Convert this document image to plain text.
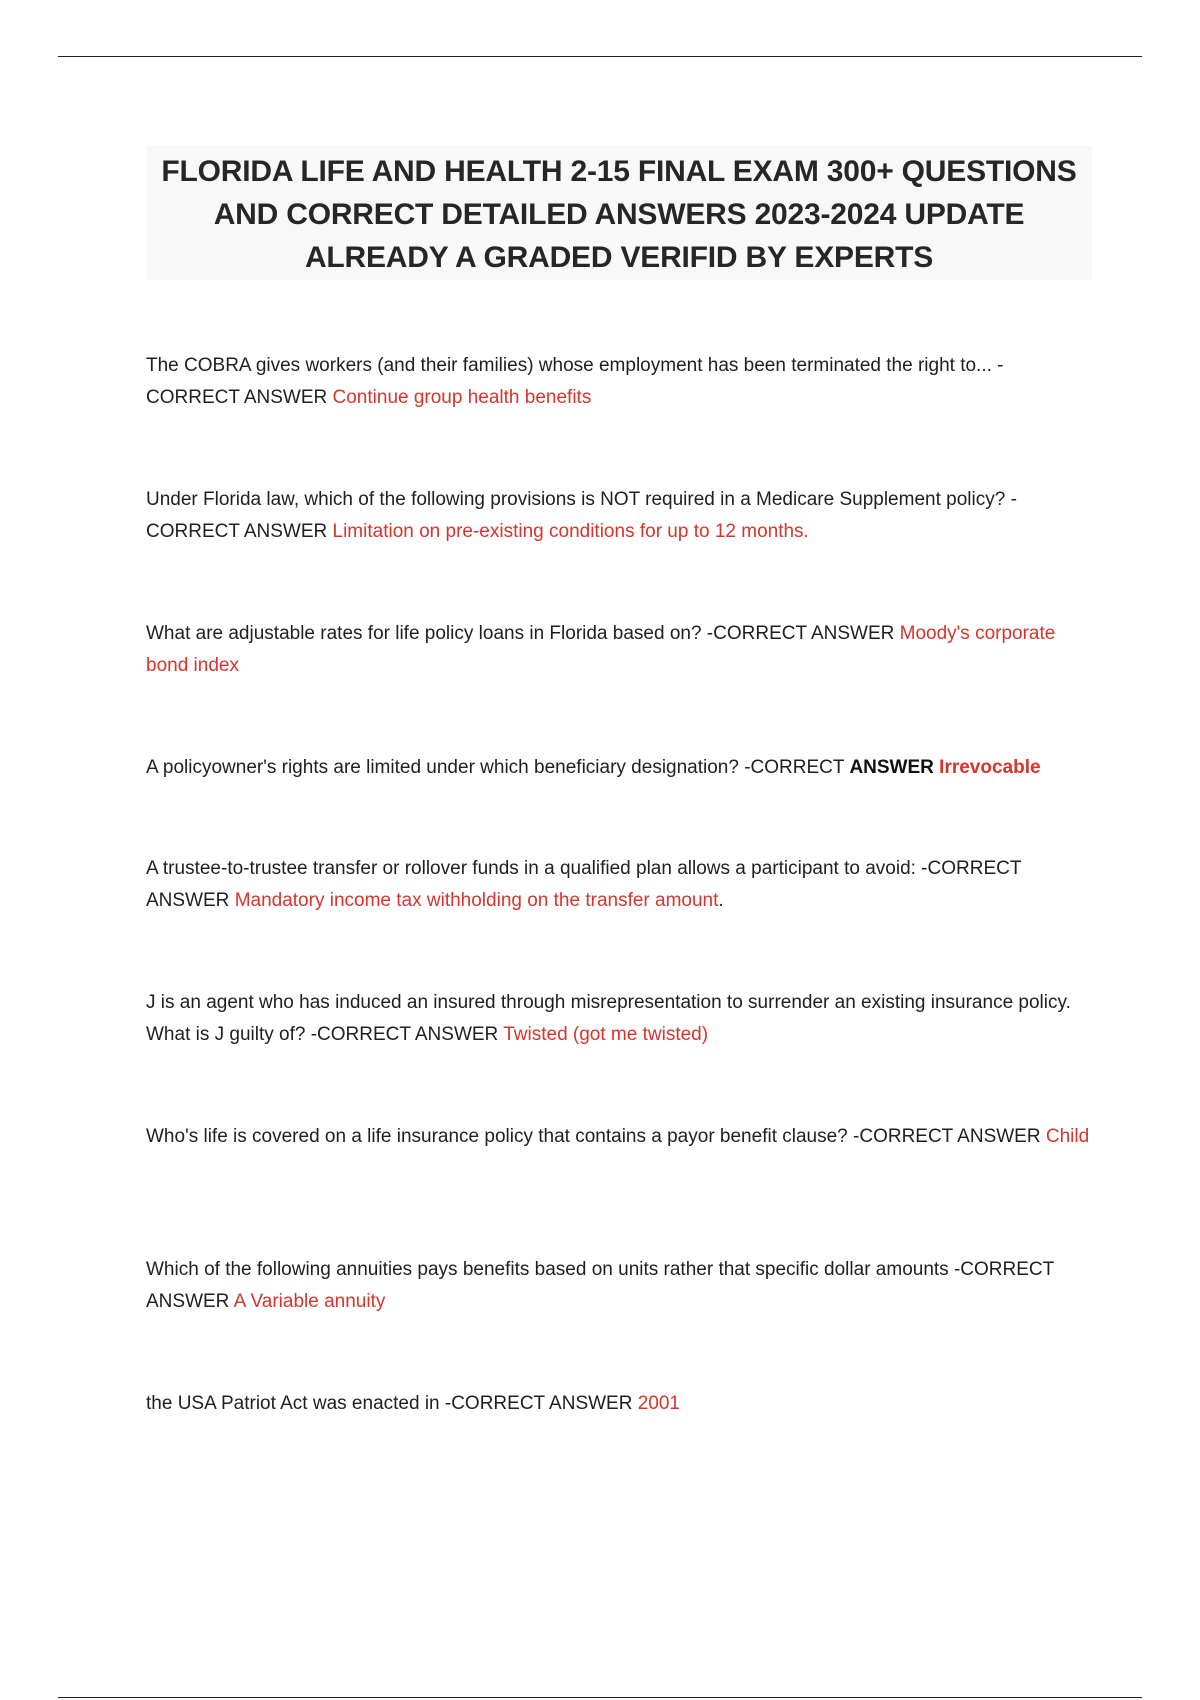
FLORIDA LIFE AND HEALTH 2-15 FINAL EXAM 300+ QUESTIONS AND CORRECT DETAILED ANSWERS 2023-2024 UPDATE ALREADY A GRADED VERIFID BY EXPERTS

The COBRA gives workers (and their families) whose employment has been terminated the right to... -CORRECT ANSWER Continue group health benefits

Under Florida law, which of the following provisions is NOT required in a Medicare Supplement policy? -CORRECT ANSWER Limitation on pre-existing conditions for up to 12 months.

What are adjustable rates for life policy loans in Florida based on? -CORRECT ANSWER Moody's corporate bond index

A policyowner's rights are limited under which beneficiary designation? -CORRECT ANSWER Irrevocable

A trustee-to-trustee transfer or rollover funds in a qualified plan allows a participant to avoid: -CORRECT ANSWER Mandatory income tax withholding on the transfer amount.

J is an agent who has induced an insured through misrepresentation to surrender an existing insurance policy. What is J guilty of? -CORRECT ANSWER Twisted (got me twisted)

Who's life is covered on a life insurance policy that contains a payor benefit clause? -CORRECT ANSWER Child

Which of the following annuities pays benefits based on units rather that specific dollar amounts -CORRECT ANSWER A Variable annuity

the USA Patriot Act was enacted in -CORRECT ANSWER 2001
